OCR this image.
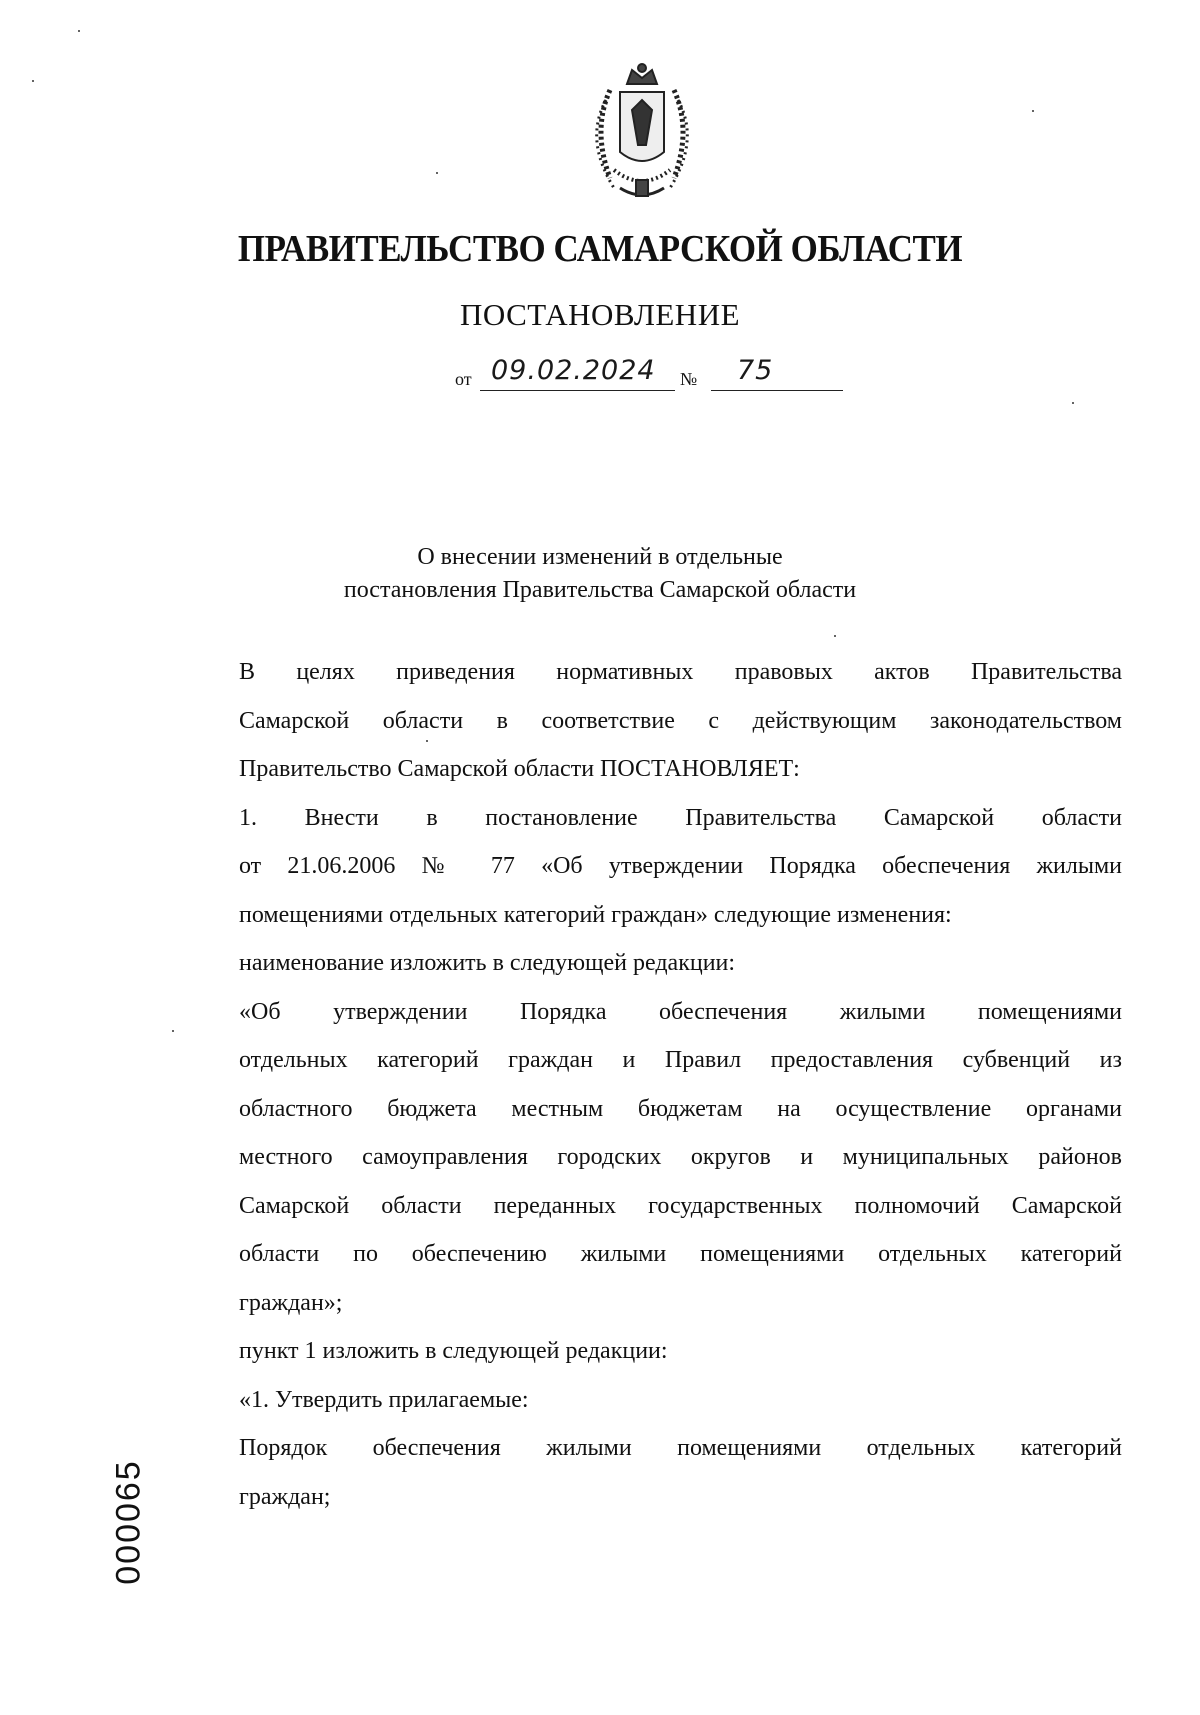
ПРАВИТЕЛЬСТВО САМАРСКОЙ ОБЛАСТИ
ПОСТАНОВЛЕНИЕ
от 09.02.2024 № 75
О внесении изменений в отдельные
постановления Правительства Самарской области

В целях приведения нормативных правовых актов Правительства
Самарской области в соответствие с действующим законодательством
Правительство Самарской области ПОСТАНОВЛЯЕТ:

1. Внести в постановление Правительства Самарской области
от 21.06.2006 № 77 «Об утверждении Порядка обеспечения жилыми
помещениями отдельных категорий граждан» следующие изменения:

наименование изложить в следующей редакции:

«Об утверждении Порядка обеспечения жилыми помещениями
отдельных категорий граждан и Правил предоставления субвенций из
областного бюджета местным бюджетам на осуществление органами
местного самоуправления городских округов и муниципальных районов
Самарской области переданных государственных полномочий Самарской
области по обеспечению жилыми помещениями отдельных категорий
граждан»;

пункт 1 изложить в следующей редакции:

«1. Утвердить прилагаемые:

Порядок обеспечения жилыми помещениями отдельных категорий
граждан;

000065
